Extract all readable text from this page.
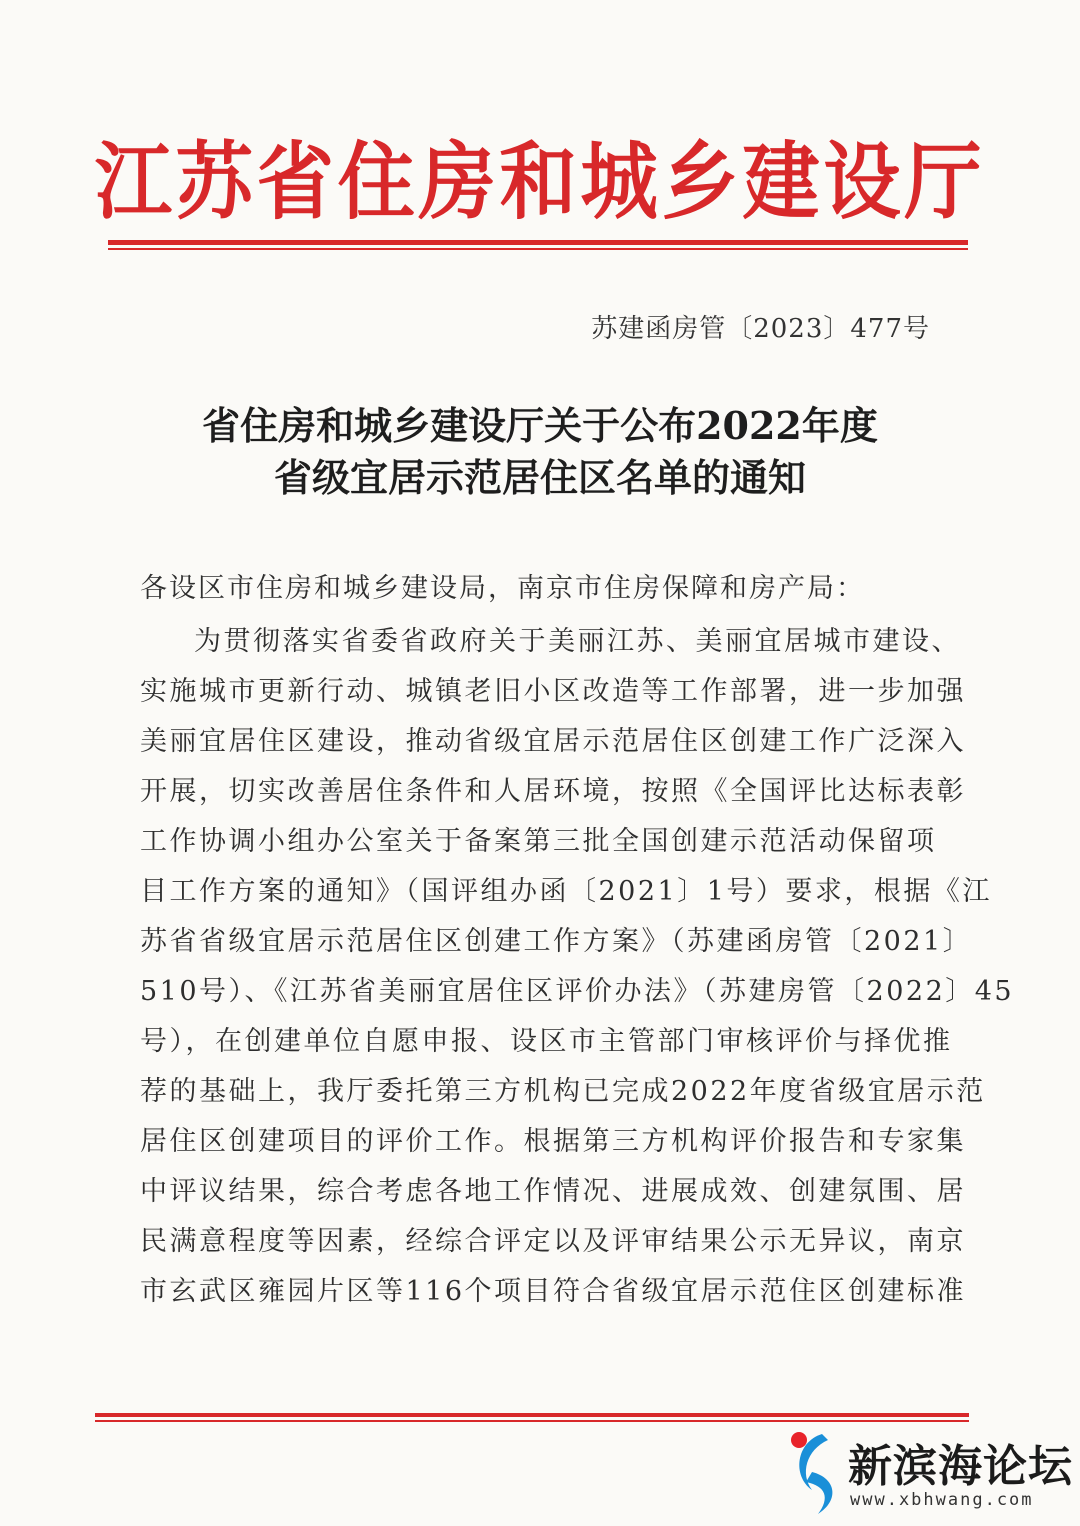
江苏省住房和城乡建设厅
苏建函房管〔2023〕477号
省住房和城乡建设厅关于公布2022年度
省级宜居示范居住区名单的通知
各设区市住房和城乡建设局，南京市住房保障和房产局：
为贯彻落实省委省政府关于美丽江苏、美丽宜居城市建设、
实施城市更新行动、城镇老旧小区改造等工作部署，进一步加强
美丽宜居住区建设，推动省级宜居示范居住区创建工作广泛深入
开展，切实改善居住条件和人居环境，按照《全国评比达标表彰
工作协调小组办公室关于备案第三批全国创建示范活动保留项
目工作方案的通知》（国评组办函〔2021〕1号）要求，根据《江
苏省省级宜居示范居住区创建工作方案》（苏建函房管〔2021〕
510号）、《江苏省美丽宜居住区评价办法》（苏建房管〔2022〕45
号），在创建单位自愿申报、设区市主管部门审核评价与择优推
荐的基础上，我厅委托第三方机构已完成2022年度省级宜居示范
居住区创建项目的评价工作。根据第三方机构评价报告和专家集
中评议结果，综合考虑各地工作情况、进展成效、创建氛围、居
民满意程度等因素，经综合评定以及评审结果公示无异议，南京
市玄武区雍园片区等116个项目符合省级宜居示范住区创建标准
新滨海论坛
www.xbhwang.com
